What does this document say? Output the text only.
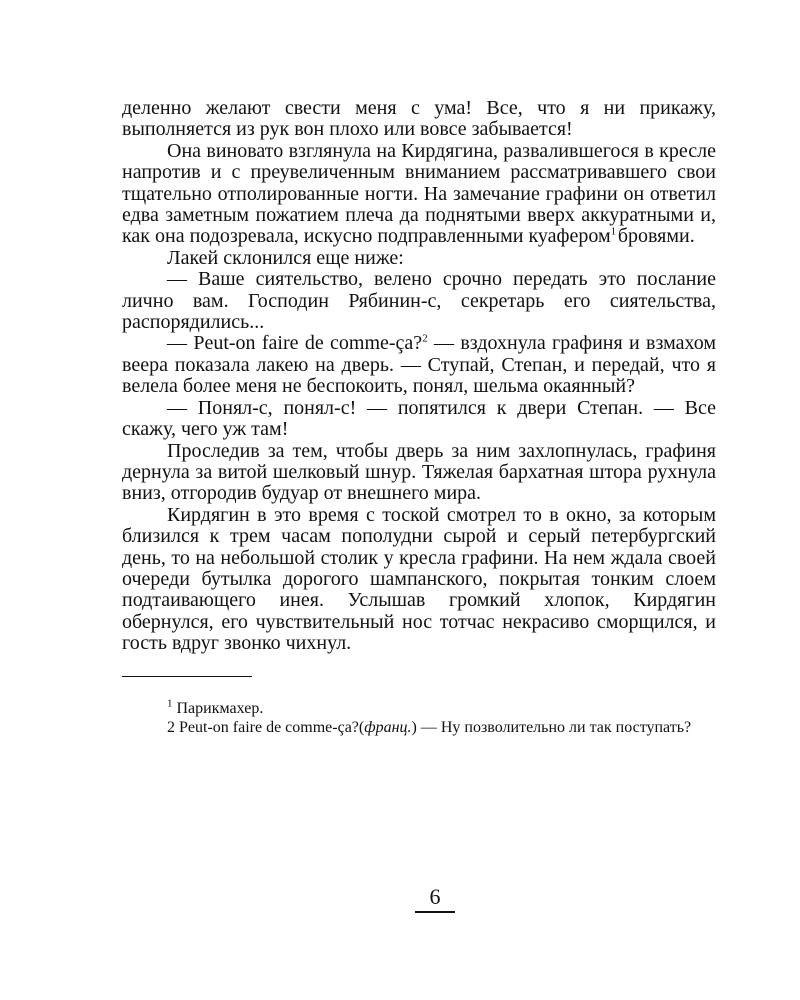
деленно желают свести меня с ума! Все, что я ни прикажу, выполняется из рук вон плохо или вовсе забывается!

Она виновато взглянула на Кирдягина, развалившегося в кресле напротив и с преувеличенным вниманием рассматривавшего свои тщательно отполированные ногти. На замечание графини он ответил едва заметным пожатием плеча да поднятыми вверх аккуратными и, как она подозревала, искусно подправленными куафером$^1$ бровями.

Лакей склонился еще ниже:

— Ваше сиятельство, велено срочно передать это послание лично вам. Господин Рябинин-с, секретарь его сиятельства, распорядились...

— Peut-on faire de comme-ça?$^2$ — вздохнула графиня и взмахом веера показала лакею на дверь. — Ступай, Степан, и передай, что я велела более меня не беспокоить, понял, шельма окаянный?

— Понял-с, понял-с! — попятился к двери Степан. — Все скажу, чего уж там!

Проследив за тем, чтобы дверь за ним захлопнулась, графиня дернула за витой шелковый шнур. Тяжелая бархатная штора рухнула вниз, отгородив будуар от внешнего мира.

Кирдягин в это время с тоской смотрел то в окно, за которым близился к трем часам пополудни сырой и серый петербургский день, то на небольшой столик у кресла графини. На нем ждала своей очереди бутылка дорогого шампанского, покрытая тонким слоем подтаивающего инея. Услышав громкий хлопок, Кирдягин обернулся, его чувствительный нос тотчас некрасиво сморщился, и гость вдруг звонко чихнул.

$^1$ Парикмахер.

2 Peut-on faire de comme-ça?(франц.) — Ну позволительно ли так поступать?

6
